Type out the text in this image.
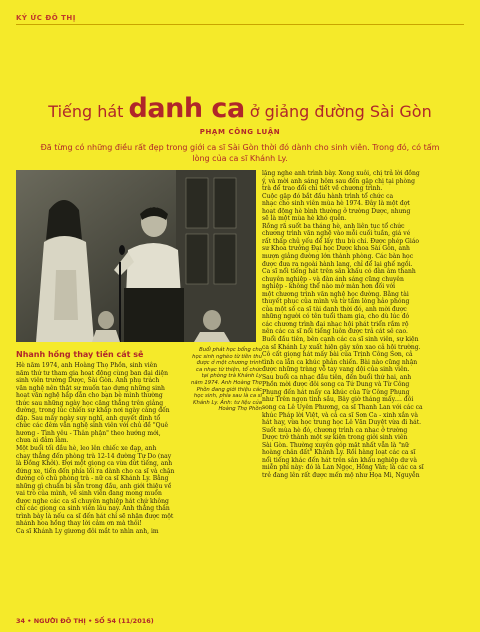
KÝ ỨC ĐÔ THỊ
Tiếng hát danh ca ở giảng đường Sài Gòn
PHẠM CÔNG LUẬN
Đã từng có những điều rất đẹp trong giới ca sĩ Sài Gòn thời đó dành cho sinh viên. Trong đó, có tấm lòng của ca sĩ Khánh Ly.
Buổi phát học bổng cho học sinh nghèo từ tiền thu được ở một chương trình ca nhạc từ thiện, tổ chức tại phòng trà Khánh Ly năm 1974. Anh Hoàng Thọ Phồn đang giới thiệu các học sinh, phía sau là ca sĩ Khánh Ly. Ảnh: tư liệu của Hoàng Thọ Phồn
Nhanh hồng thay tiền cát sê
Hè năm 1974, anh Hoàng Thọ Phồn, sinh viên
năm thứ tư tham gia hoạt động cùng ban đại diện
sinh viên trường Dược, Sài Gòn. Anh phụ trách
văn nghệ nên thật sự muốn tạo dựng những sinh
hoạt văn nghệ hấp dẫn cho bạn bè mình thường
thức sau những ngày học căng thẳng trên giảng
đường, trong lúc chiến sự khắp nơi ngày càng đến
đập. Sau mấy ngày suy nghĩ, anh quyết định tổ
chức các đêm văn nghệ sinh viên với chủ đề "Quê
hương - Tình yêu - Thân phận" theo hướng mới,
chưa ai đảm làm.
Một buổi tối đầu hè, leo lên chiếc xe đạp, anh
chạy thẳng đến phòng trà 12-14 đường Tự Do (nay
là Đồng Khởi). Đợi một giọng ca vừa dứt tiếng, anh
đứng xe, tiến đến phía lối ra dành cho ca sĩ và chặn
đường cô chủ phòng trà - nữ ca sĩ Khánh Ly. Bằng
những gì chuẩn bị sẵn trong đầu, anh giới thiệu về
vai trò của mình, về sinh viên đang mong muốn
được nghe các ca sĩ chuyên nghiệp hát chứ không
chỉ các giọng ca sinh viên lâu nay. Anh thẳng thắn
trình bày là nếu ca sĩ đến hát chỉ sẽ nhận được một
nhánh hoa hồng thay lời cảm ơn mà thôi!
Ca sĩ Khánh Ly giương đôi mắt to nhìn anh, im
lặng nghe anh trình bày. Xong xuôi, chị trả lời đồng
ý, và mời anh sáng hôm sau đến gặp chị tại phòng
trà để trao đổi chi tiết về chương trình.
Cuộc gặp đó bắt đầu hành trình tổ chức ca
nhạc cho sinh viên mùa hè 1974. Đây là một đợt
hoạt động hè bình thường ở trường Dược, nhưng
sẽ là một mùa hè khó quên.
Rồng rã suốt ba tháng hè, anh liên tục tổ chức
chương trình văn nghệ vào mỗi cuối tuần, giá vé
rất thấp chủ yếu để lấy thu bù chi. Được phép Giáo
sư Khoa trưởng Đại học Dược khoa Sài Gòn, anh
mượn giảng đường lớn thành phòng. Các bàn học
được đưa ra ngoài hành lang, chỉ để lại ghế ngồi.
Ca sĩ nổi tiếng hát trên sân khấu có đàn âm thanh
chuyên nghiệp - và đàn ánh sáng cũng chuyên
nghiệp - không thể nào mở màn hơn đối với
một chương trình văn nghệ học đường. Bằng tài
thuyết phục của mình và từ tấm lòng hảo phóng
của một số ca sĩ tài danh thời đó, anh mời được
những người có tên tuổi tham gia, cho dù lúc đó
các chương trình đại nhạc hội phát triển rầm rộ
nên các ca sĩ nổi tiếng luôn được trả cát sê cao.
Buổi đầu tiên, bên cạnh các ca sĩ sinh viên, sự kiện
ca sĩ Khánh Ly xuất hiện gây xôn xao cả hội trường.
Cô cất giọng hát mấy bài của Trịnh Công Sơn, cả
tình ca lẫn ca khúc phản chiến. Bài nào cũng nhận
được những tràng vỗ tay vang dội của sinh viên.
Sau buổi ca nhạc đầu tiên, đến buổi thứ hai, anh
Phồn mời được đôi song ca Tứ Dung và Từ Công
Phụng đến hát mấy ca khúc của Từ Công Phụng
như Trên ngọn tình sầu, Bây giờ tháng mấy.... đôi
song ca Lê Uyên Phương, ca sĩ Thanh Lan với các ca
khúc Pháp lời Việt, và cả ca sĩ Sơn Ca - xinh xắn và
hát hay, vừa học trung học Lê Văn Duyệt vừa đi hát.
Suốt mùa hè đó, chương trình ca nhạc ở trường
Dược trở thành một sự kiện trong giới sinh viên
Sài Gòn. Thường xuyên góp mặt nhất vẫn là "nữ
hoàng chân đất" Khánh Ly. Rồi hàng loạt các ca sĩ
nổi tiếng khác đến hát trên sân khấu nghiệp dư và
miễn phí này: đó là Lan Ngọc, Hồng Vân; là các ca sĩ
trẻ đang lên rất được mến mộ như Họa Mi, Nguyễn
34 • NGƯỜI ĐÔ THỊ • SỐ 54 (11/2016)
